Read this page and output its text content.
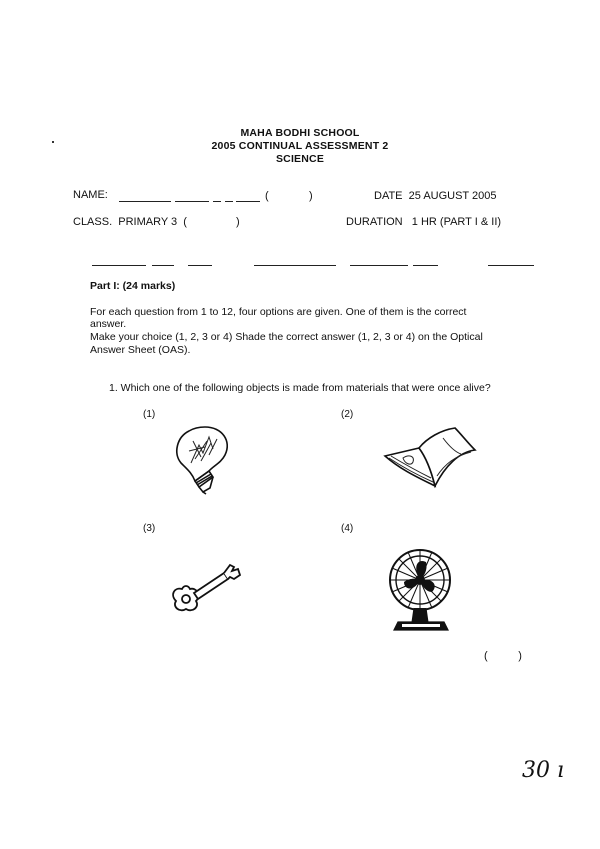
MAHA BODHI SCHOOL
2005 CONTINUAL ASSESSMENT 2
SCIENCE
NAME:	(	)	DATE  25 AUGUST 2005
CLASS.  PRIMARY 3  (	)	DURATION   1 HR (PART I & II)
Part I: (24 marks)
For each question from 1 to 12, four options are given. One of them is the correct
answer.
Make your choice (1, 2, 3 or 4) Shade the correct answer (1, 2, 3 or 4) on the Optical
Answer Sheet (OAS).
1. Which one of the following objects is made from materials that were once alive?
(1)	(2)
(3)	(4)
(          )
30 ı
